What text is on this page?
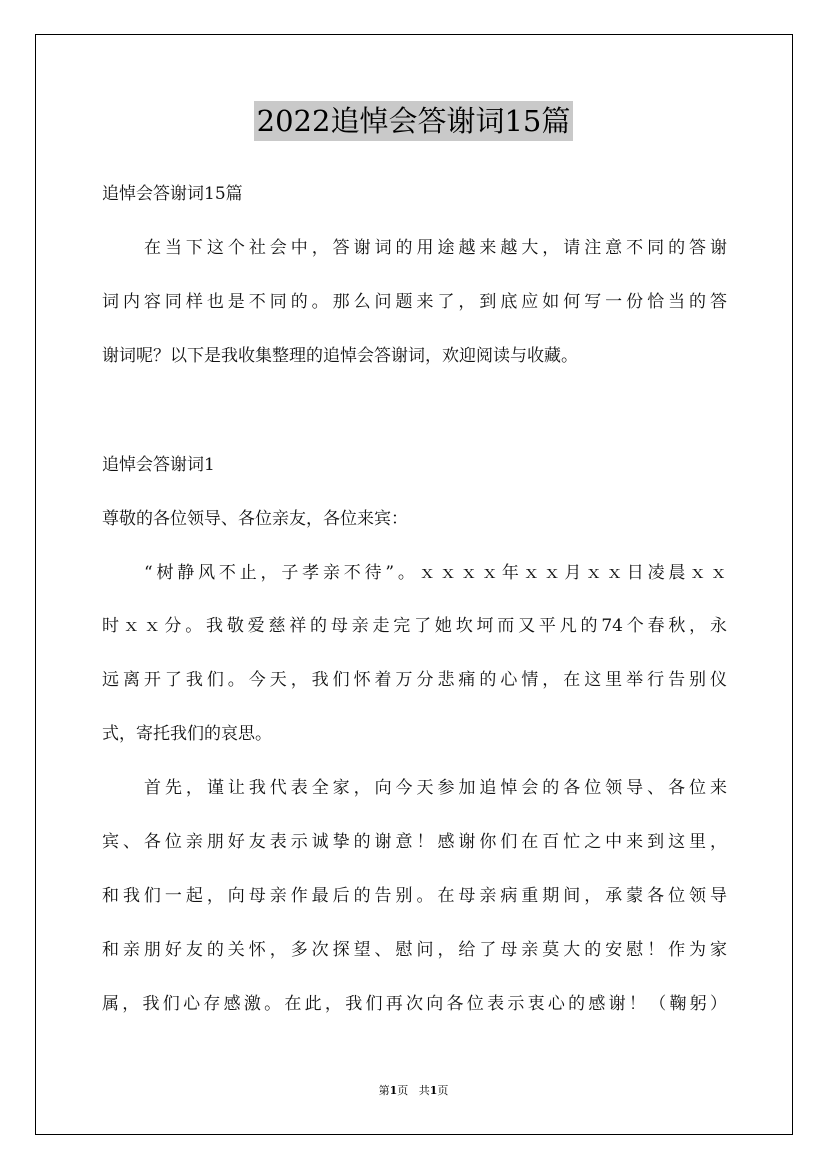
2022追悼会答谢词15篇
追悼会答谢词15篇
在当下这个社会中，答谢词的用途越来越大，请注意不同的答谢
词内容同样也是不同的。那么问题来了，到底应如何写一份恰当的答
谢词呢？以下是我收集整理的追悼会答谢词，欢迎阅读与收藏。
追悼会答谢词1
尊敬的各位领导、各位亲友，各位来宾：
“树静风不止，子孝亲不待”。ｘｘｘｘ年ｘｘ月ｘｘ日凌晨ｘｘ
时ｘｘ分。我敬爱慈祥的母亲走完了她坎坷而又平凡的74个春秋，永
远离开了我们。今天，我们怀着万分悲痛的心情，在这里举行告别仪
式，寄托我们的哀思。
首先，谨让我代表全家，向今天参加追悼会的各位领导、各位来
宾、各位亲朋好友表示诚挚的谢意！感谢你们在百忙之中来到这里，
和我们一起，向母亲作最后的告别。在母亲病重期间，承蒙各位领导
和亲朋好友的关怀，多次探望、慰问，给了母亲莫大的安慰！作为家
属，我们心存感激。在此，我们再次向各位表示衷心的感谢！（鞠躬）
第1页 共1页
